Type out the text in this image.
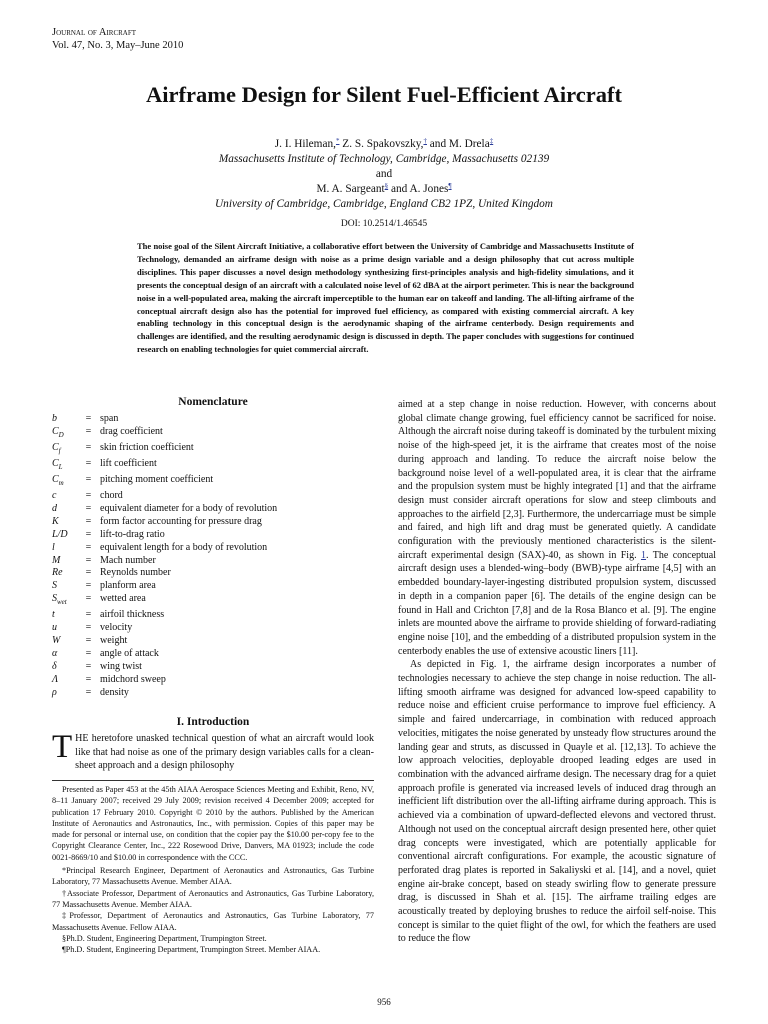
Journal of Aircraft
Vol. 47, No. 3, May–June 2010
Airframe Design for Silent Fuel-Efficient Aircraft
J. I. Hileman,* Z. S. Spakovszky,† and M. Drela‡
Massachusetts Institute of Technology, Cambridge, Massachusetts 02139
and
M. A. Sargeant§ and A. Jones¶
University of Cambridge, Cambridge, England CB2 1PZ, United Kingdom
DOI: 10.2514/1.46545
The noise goal of the Silent Aircraft Initiative, a collaborative effort between the University of Cambridge and Massachusetts Institute of Technology, demanded an airframe design with noise as a prime design variable and a design philosophy that cut across multiple disciplines. This paper discusses a novel design methodology synthesizing first-principles analysis and high-fidelity simulations, and it presents the conceptual design of an aircraft with a calculated noise level of 62 dBA at the airport perimeter. This is near the background noise in a well-populated area, making the aircraft imperceptible to the human ear on takeoff and landing. The all-lifting airframe of the conceptual aircraft design also has the potential for improved fuel efficiency, as compared with existing commercial aircraft. A key enabling technology in this conceptual design is the aerodynamic shaping of the airframe centerbody. Design requirements and challenges are identified, and the resulting aerodynamic design is discussed in depth. The paper concludes with suggestions for continued research on enabling technologies for quiet commercial aircraft.
Nomenclature
b	= span
$C_D$	= drag coefficient
$C_f$	= skin friction coefficient
$C_L$	= lift coefficient
$C_m$	= pitching moment coefficient
c	= chord
d	= equivalent diameter for a body of revolution
K	= form factor accounting for pressure drag
L/D	= lift-to-drag ratio
l	= equivalent length for a body of revolution
M	= Mach number
Re	= Reynolds number
S	= planform area
$S_{wet}$	= wetted area
t	= airfoil thickness
u	= velocity
W	= weight
α	= angle of attack
δ	= wing twist
Λ	= midchord sweep
ρ	= density
I. Introduction
THE heretofore unasked technical question of what an aircraft would look like that had noise as one of the primary design variables calls for a clean-sheet approach and a design philosophy

Presented as Paper 453 at the 45th AIAA Aerospace Sciences Meeting and Exhibit, Reno, NV, 8–11 January 2007; received 29 July 2009; revision received 4 December 2009; accepted for publication 17 February 2010. Copyright © 2010 by the authors. Published by the American Institute of Aeronautics and Astronautics, Inc., with permission. Copies of this paper may be made for personal or internal use, on condition that the copier pay the $10.00 per-copy fee to the Copyright Clearance Center, Inc., 222 Rosewood Drive, Danvers, MA 01923; include the code 0021-8669/10 and $10.00 in correspondence with the CCC.

*Principal Research Engineer, Department of Aeronautics and Astronautics, Gas Turbine Laboratory, 77 Massachusetts Avenue. Member AIAA.

†Associate Professor, Department of Aeronautics and Astronautics, Gas Turbine Laboratory, 77 Massachusetts Avenue. Member AIAA.

‡Professor, Department of Aeronautics and Astronautics, Gas Turbine Laboratory, 77 Massachusetts Avenue. Fellow AIAA.

§Ph.D. Student, Engineering Department, Trumpington Street.

¶Ph.D. Student, Engineering Department, Trumpington Street. Member AIAA.

aimed at a step change in noise reduction. However, with concerns about global climate change growing, fuel efficiency cannot be sacrificed for noise. Although the aircraft noise during takeoff is dominated by the turbulent mixing noise of the high-speed jet, it is the airframe that creates most of the noise during approach and landing. To reduce the aircraft noise below the background noise level of a well-populated area, it is clear that the airframe and the propulsion system must be highly integrated [1] and that the airframe design must consider aircraft operations for slow and steep climbouts and approaches to the airfield [2,3]. Furthermore, the undercarriage must be simple and faired, and high lift and drag must be generated quietly. A candidate configuration with the previously mentioned characteristics is the silent-aircraft experimental design (SAX)-40, as shown in Fig. 1. The conceptual aircraft design uses a blended-wing–body (BWB)-type airframe [4,5] with an embedded boundary-layer-ingesting distributed propulsion system, discussed in depth in a companion paper [6]. The details of the engine design can be found in Hall and Crichton [7,8] and de la Rosa Blanco et al. [9]. The engine inlets are mounted above the airframe to provide shielding of forward-radiating engine noise [10], and the embedding of a distributed propulsion system in the centerbody enables the use of extensive acoustic liners [11].

As depicted in Fig. 1, the airframe design incorporates a number of technologies necessary to achieve the step change in noise reduction. The all-lifting smooth airframe was designed for advanced low-speed capability to reduce noise and efficient cruise performance to improve fuel efficiency. A simple and faired undercarriage, in combination with reduced approach velocities, mitigates the noise generated by unsteady flow structures around the landing gear and struts, as discussed in Quayle et al. [12,13]. To achieve the low approach velocities, deployable drooped leading edges are used in combination with the advanced airframe design. The necessary drag for a quiet approach profile is generated via increased levels of induced drag through an inefficient lift distribution over the all-lifting airframe during approach. This is achieved via a combination of upward-deflected elevons and vectored thrust. Although not used on the conceptual aircraft design presented here, other quiet drag concepts were investigated, which are potentially applicable for conventional aircraft configurations. For example, the acoustic signature of perforated drag plates is reported in Sakaliyski et al. [14], and a novel, quiet engine air-brake concept, based on steady swirling flow to generate pressure drag, is discussed in Shah et al. [15]. The airframe trailing edges are acoustically treated by deploying brushes to reduce the airfoil self-noise. This concept is similar to the quiet flight of the owl, for which the feathers are used to reduce the flow

956
